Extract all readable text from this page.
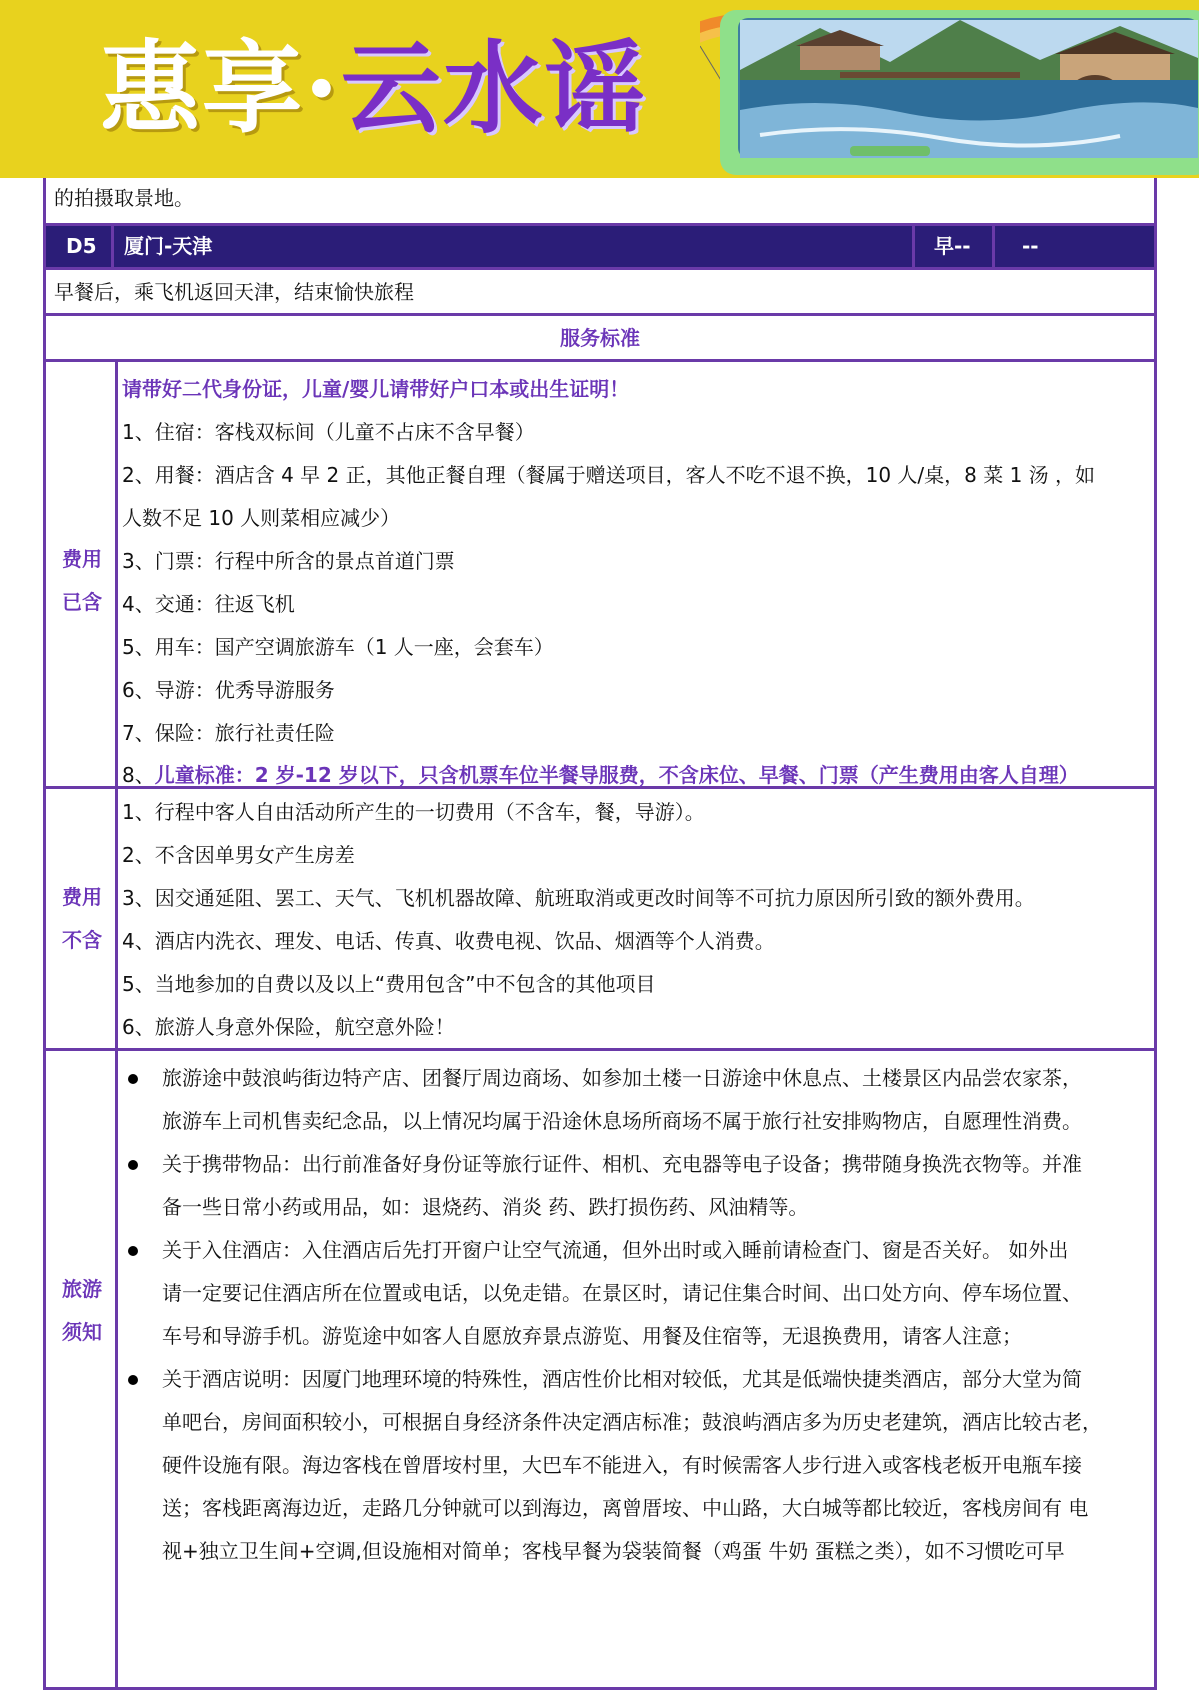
惠享·云水谣
的拍摄取景地。
D5 厦门-天津	早--	--
早餐后，乘飞机返回天津，结束愉快旅程
服务标准
费用
已含
请带好二代身份证，儿童/婴儿请带好户口本或出生证明！
1、住宿：客栈双标间（儿童不占床不含早餐）
2、用餐：酒店含 4 早 2 正，其他正餐自理（餐属于赠送项目，客人不吃不退不换，10 人/桌，8 菜 1 汤 ，如
人数不足 10 人则菜相应减少）
3、门票：行程中所含的景点首道门票
4、交通：往返飞机
5、用车：国产空调旅游车（1 人一座，会套车）
6、导游：优秀导游服务
7、保险：旅行社责任险
8、儿童标准：2 岁-12 岁以下，只含机票车位半餐导服费，不含床位、早餐、门票（产生费用由客人自理）
费用
不含
1、行程中客人自由活动所产生的一切费用（不含车，餐，导游）。
2、不含因单男女产生房差
3、因交通延阻、罢工、天气、飞机机器故障、航班取消或更改时间等不可抗力原因所引致的额外费用。
4、酒店内洗衣、理发、电话、传真、收费电视、饮品、烟酒等个人消费。
5、当地参加的自费以及以上“费用包含”中不包含的其他项目
6、旅游人身意外保险，航空意外险！
旅游
须知
旅游途中鼓浪屿街边特产店、团餐厅周边商场、如参加土楼一日游途中休息点、土楼景区内品尝农家茶，
旅游车上司机售卖纪念品，以上情况均属于沿途休息场所商场不属于旅行社安排购物店，自愿理性消费。
关于携带物品：出行前准备好身份证等旅行证件、相机、充电器等电子设备；携带随身换洗衣物等。并准
备一些日常小药或用品，如：退烧药、消炎 药、跌打损伤药、风油精等。
关于入住酒店：入住酒店后先打开窗户让空气流通，但外出时或入睡前请检查门、窗是否关好。 如外出
请一定要记住酒店所在位置或电话，以免走错。在景区时，请记住集合时间、出口处方向、停车场位置、
车号和导游手机。游览途中如客人自愿放弃景点游览、用餐及住宿等，无退换费用，请客人注意；
关于酒店说明：因厦门地理环境的特殊性，酒店性价比相对较低，尤其是低端快捷类酒店，部分大堂为简
单吧台，房间面积较小，可根据自身经济条件决定酒店标准；鼓浪屿酒店多为历史老建筑，酒店比较古老，
硬件设施有限。海边客栈在曾厝垵村里，大巴车不能进入，有时候需客人步行进入或客栈老板开电瓶车接
送；客栈距离海边近，走路几分钟就可以到海边，离曾厝垵、中山路，大白城等都比较近，客栈房间有 电
视+独立卫生间+空调,但设施相对简单；客栈早餐为袋装简餐（鸡蛋 牛奶 蛋糕之类），如不习惯吃可早
